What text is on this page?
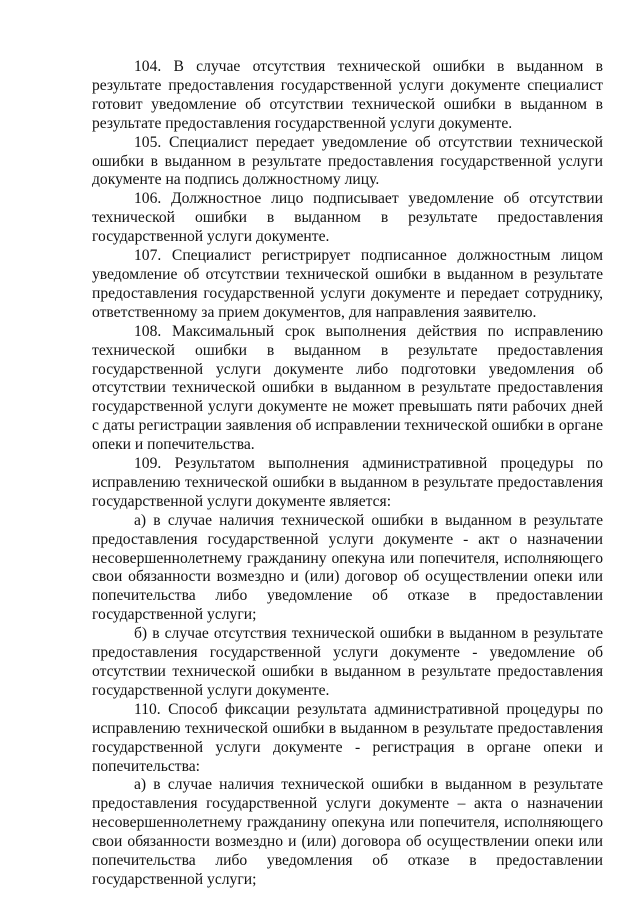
104. В случае отсутствия технической ошибки в выданном в результате предоставления государственной услуги документе специалист готовит уведомление об отсутствии технической ошибки в выданном в результате предоставления государственной услуги документе.

105. Специалист передает уведомление об отсутствии технической ошибки в выданном в результате предоставления государственной услуги документе на подпись должностному лицу.

106. Должностное лицо подписывает уведомление об отсутствии технической ошибки в выданном в результате предоставления государственной услуги документе.

107. Специалист регистрирует подписанное должностным лицом уведомление об отсутствии технической ошибки в выданном в результате предоставления государственной услуги документе и передает сотруднику, ответственному за прием документов, для направления заявителю.

108. Максимальный срок выполнения действия по исправлению технической ошибки в выданном в результате предоставления государственной услуги документе либо подготовки уведомления об отсутствии технической ошибки в выданном в результате предоставления государственной услуги документе не может превышать пяти рабочих дней с даты регистрации заявления об исправлении технической ошибки в органе опеки и попечительства.

109. Результатом выполнения административной процедуры по исправлению технической ошибки в выданном в результате предоставления государственной услуги документе является:

а) в случае наличия технической ошибки в выданном в результате предоставления государственной услуги документе - акт о назначении несовершеннолетнему гражданину опекуна или попечителя, исполняющего свои обязанности возмездно и (или) договор об осуществлении опеки или попечительства либо уведомление об отказе в предоставлении государственной услуги;

б) в случае отсутствия технической ошибки в выданном в результате предоставления государственной услуги документе - уведомление об отсутствии технической ошибки в выданном в результате предоставления государственной услуги документе.

110. Способ фиксации результата административной процедуры по исправлению технической ошибки в выданном в результате предоставления государственной услуги документе - регистрация в органе опеки и попечительства:

а) в случае наличия технической ошибки в выданном в результате предоставления государственной услуги документе – акта о назначении несовершеннолетнему гражданину опекуна или попечителя, исполняющего свои обязанности возмездно и (или) договора об осуществлении опеки или попечительства либо уведомления об отказе в предоставлении государственной услуги;
